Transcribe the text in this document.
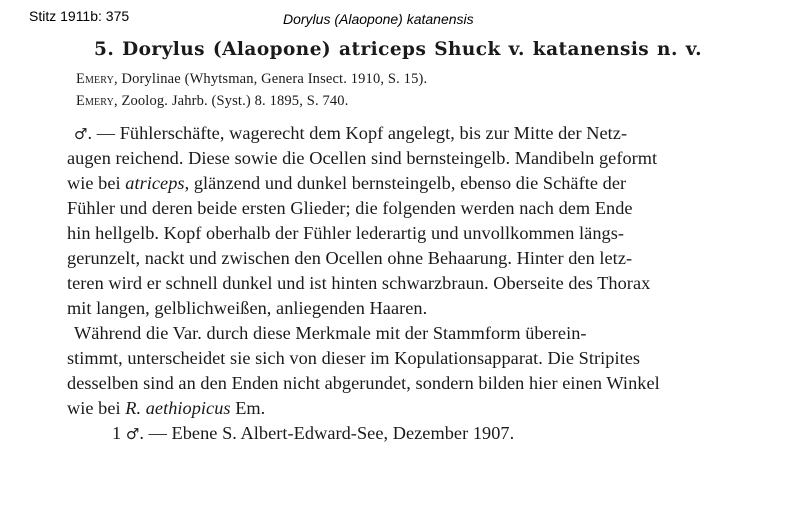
Stitz 1911b: 375	Dorylus (Alaopone) katanensis
5. Dorylus (Alaopone) atriceps Shuck v. katanensis n. v.
Emery, Dorylinae (Whytsman, Genera Insect. 1910, S. 15).
Emery, Zoolog. Jahrb. (Syst.) 8. 1895, S. 740.
♂. — Fühlerschäfte, wagerecht dem Kopf angelegt, bis zur Mitte der Netz-
augen reichend. Diese sowie die Ocellen sind bernsteingelb. Mandibeln geformt
wie bei atriceps, glänzend und dunkel bernsteingelb, ebenso die Schäfte der
Fühler und deren beide ersten Glieder; die folgenden werden nach dem Ende
hin hellgelb. Kopf oberhalb der Fühler lederartig und unvollkommen längs-
gerunzelt, nackt und zwischen den Ocellen ohne Behaarung. Hinter den letz-
teren wird er schnell dunkel und ist hinten schwarzbraun. Oberseite des Thorax
mit langen, gelblichweißen, anliegenden Haaren.
Während die Var. durch diese Merkmale mit der Stammform überein-
stimmt, unterscheidet sie sich von dieser im Kopulationsapparat. Die Stripites
desselben sind an den Enden nicht abgerundet, sondern bilden hier einen Winkel
wie bei R. aethiopicus Em.
1 ♂. — Ebene S. Albert-Edward-See, Dezember 1907.
